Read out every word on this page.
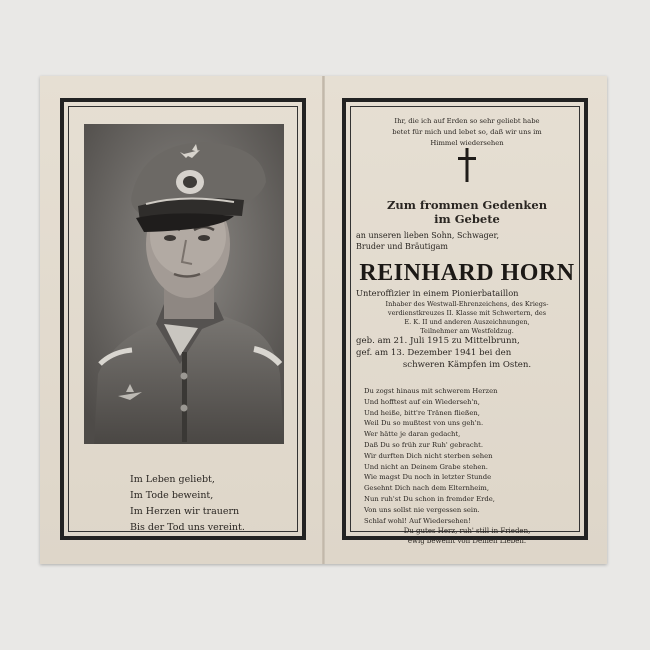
Im Leben geliebt,
Im Tode beweint,
Im Herzen wir trauern
Bis der Tod uns vereint.
Ihr, die ich auf Erden so sehr geliebt habe
betet für mich und lebet so, daß wir uns im
Himmel wiedersehen
Zum frommen Gedenken
im Gebete
an unseren lieben Sohn, Schwager,
Bruder und Bräutigam
REINHARD HORN
Unteroffizier in einem Pionierbataillon
Inhaber des Westwall-Ehrenzeichens, des Kriegs-
verdienstkreuzes II. Klasse mit Schwertern, des
E. K. II und anderen Auszeichnungen,
Teilnehmer am Westfeldzug.
geb. am 21. Juli 1915 zu Mittelbrunn,
gef. am 13. Dezember 1941 bei den
schweren Kämpfen im Osten.
Du zogst hinaus mit schwerem Herzen
Und hofftest auf ein Wiederseh'n,
Und heiße, bitt're Tränen fließen,
Weil Du so mußtest von uns geh'n.
Wer hätte je daran gedacht,
Daß Du so früh zur Ruh' gebracht.
Wir durften Dich nicht sterben sehen
Und nicht an Deinem Grabe stehen.
Wie magst Du noch in letzter Stunde
Gesehnt Dich nach dem Elternheim,
Nun ruh'st Du schon in fremder Erde,
Von uns sollst nie vergessen sein.
Schlaf wohl! Auf Wiedersehen!
Du gutes Herz, ruh' still in Frieden,
ewig beweint von Deinen Lieben.
